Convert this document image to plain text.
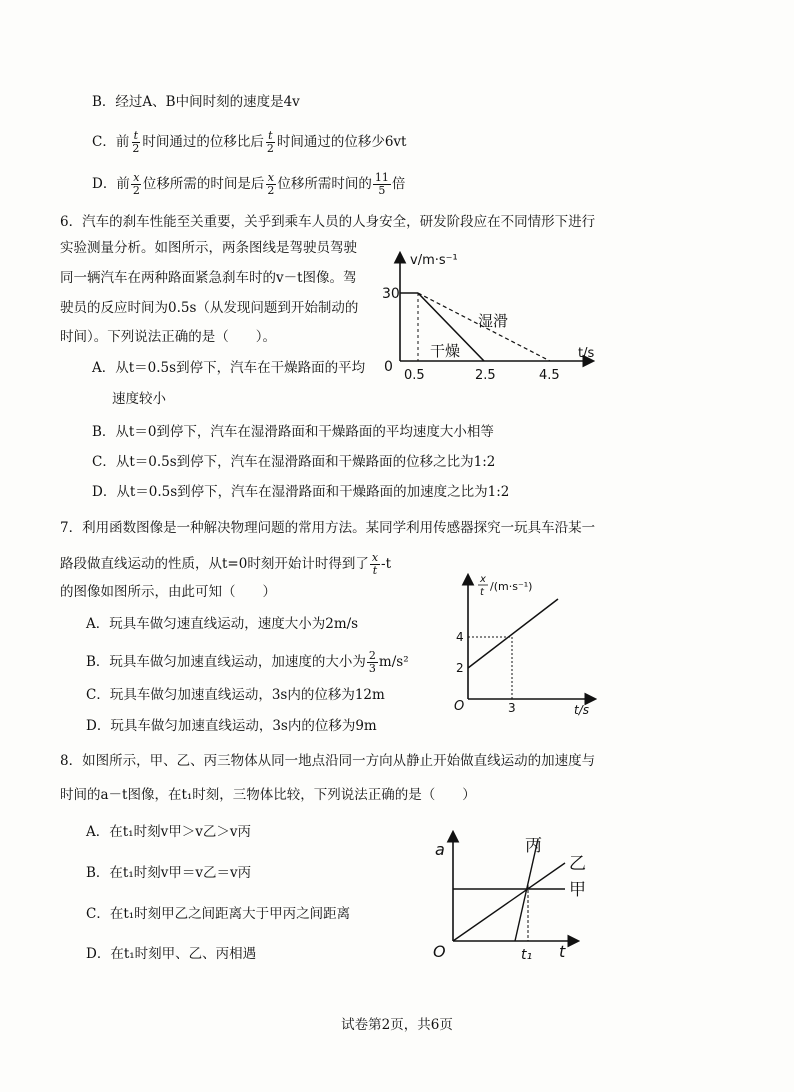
B．经过A、B中间时刻的速度是4v
C．前 $\frac{t}{2}$ 时间通过的位移比后 $\frac{t}{2}$ 时间通过的位移少6vt
D．前 $\frac{x}{2}$ 位移所需的时间是后 $\frac{x}{2}$ 位移所需时间的 $\frac{11}{5}$ 倍
6．汽车的刹车性能至关重要，关乎到乘车人员的人身安全，研发阶段应在不同情形下进行
实验测量分析。如图所示，两条图线是驾驶员驾驶
同一辆汽车在两种路面紧急刹车时的v－t图像。驾
驶员的反应时间为0.5s（从发现问题到开始制动的
时间）。下列说法正确的是（　　）。
A．从t＝0.5s到停下，汽车在干燥路面的平均
速度较小
B．从t＝0到停下，汽车在湿滑路面和干燥路面的平均速度大小相等
C．从t＝0.5s到停下，汽车在湿滑路面和干燥路面的位移之比为1:2
D．从t＝0.5s到停下，汽车在湿滑路面和干燥路面的加速度之比为1:2
v/m·s⁻¹
t/s
30
0
0.5	2.5	4.5
湿滑
干燥
7．利用函数图像是一种解决物理问题的常用方法。某同学利用传感器探究一玩具车沿某一
路段做直线运动的性质，从t=0时刻开始计时得到了 $\frac{x}{t} -t$
的图像如图所示，由此可知（　　）
A．玩具车做匀速直线运动，速度大小为2m/s
B．玩具车做匀加速直线运动，加速度的大小为 $\frac{2}{3} m/s^2$
C．玩具车做匀加速直线运动，3s内的位移为12m
D．玩具车做匀加速直线运动，3s内的位移为9m
x
t /(m·s⁻¹)
4
2
O	3	t/s
8．如图所示，甲、乙、丙三物体从同一地点沿同一方向从静止开始做直线运动的加速度与
时间的a－t图像，在t₁时刻，三物体比较，下列说法正确的是（　　）
A．在t₁时刻v甲＞v乙＞v丙
B．在t₁时刻v甲＝v乙＝v丙
C．在t₁时刻甲乙之间距离大于甲丙之间距离
D．在t₁时刻甲、乙、丙相遇
a
O	t₁ t
丙
乙
甲
试卷第2页，共6页
